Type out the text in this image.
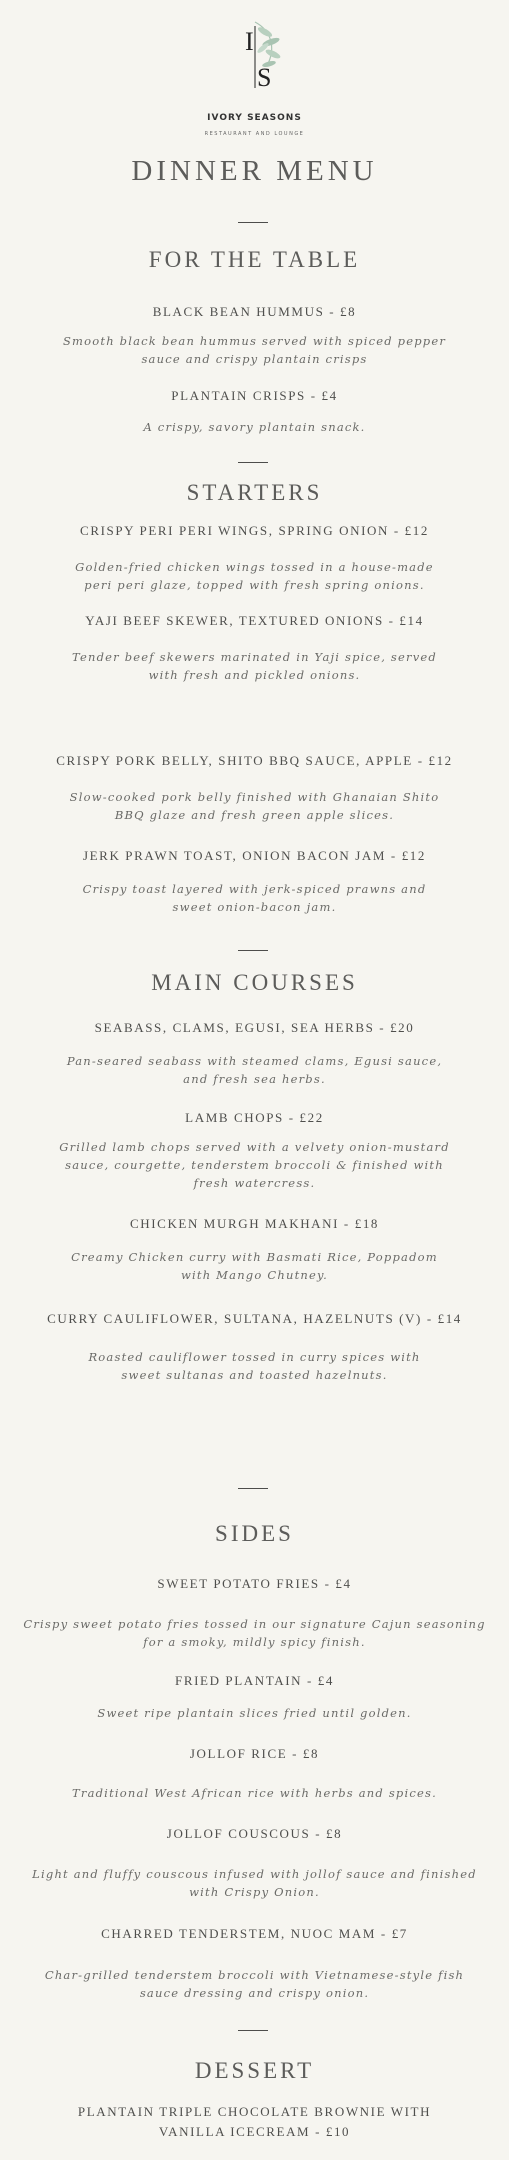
I
S
IVORY SEASONS
RESTAURANT AND LOUNGE
DINNER MENU
FOR THE TABLE
BLACK BEAN HUMMUS - £8
Smooth black bean hummus served with spiced pepper sauce and crispy plantain crisps
PLANTAIN CRISPS - £4
A crispy, savory plantain snack.
STARTERS
CRISPY PERI PERI WINGS, SPRING ONION - £12
Golden-fried chicken wings tossed in a house-made peri peri glaze, topped with fresh spring onions.
YAJI BEEF SKEWER, TEXTURED ONIONS - £14
Tender beef skewers marinated in Yaji spice, served with fresh and pickled onions.
CRISPY PORK BELLY, SHITO BBQ SAUCE, APPLE - £12
Slow-cooked pork belly finished with Ghanaian Shito BBQ glaze and fresh green apple slices.
JERK PRAWN TOAST, ONION BACON JAM - £12
Crispy toast layered with jerk-spiced prawns and sweet onion-bacon jam.
MAIN COURSES
SEABASS, CLAMS, EGUSI, SEA HERBS - £20
Pan-seared seabass with steamed clams, Egusi sauce, and fresh sea herbs.
LAMB CHOPS - £22
Grilled lamb chops served with a velvety onion-mustard sauce, courgette, tenderstem broccoli & finished with fresh watercress.
CHICKEN MURGH MAKHANI - £18
Creamy Chicken curry with Basmati Rice, Poppadom with Mango Chutney.
CURRY CAULIFLOWER, SULTANA, HAZELNUTS (V) - £14
Roasted cauliflower tossed in curry spices with sweet sultanas and toasted hazelnuts.
SIDES
SWEET POTATO FRIES - £4
Crispy sweet potato fries tossed in our signature Cajun seasoning for a smoky, mildly spicy finish.
FRIED PLANTAIN - £4
Sweet ripe plantain slices fried until golden.
JOLLOF RICE - £8
Traditional West African rice with herbs and spices.
JOLLOF COUSCOUS - £8
Light and fluffy couscous infused with jollof sauce and finished with Crispy Onion.
CHARRED TENDERSTEM, NUOC MAM - £7
Char-grilled tenderstem broccoli with Vietnamese-style fish sauce dressing and crispy onion.
DESSERT
PLANTAIN TRIPLE CHOCOLATE BROWNIE WITH VANILLA ICECREAM - £10
